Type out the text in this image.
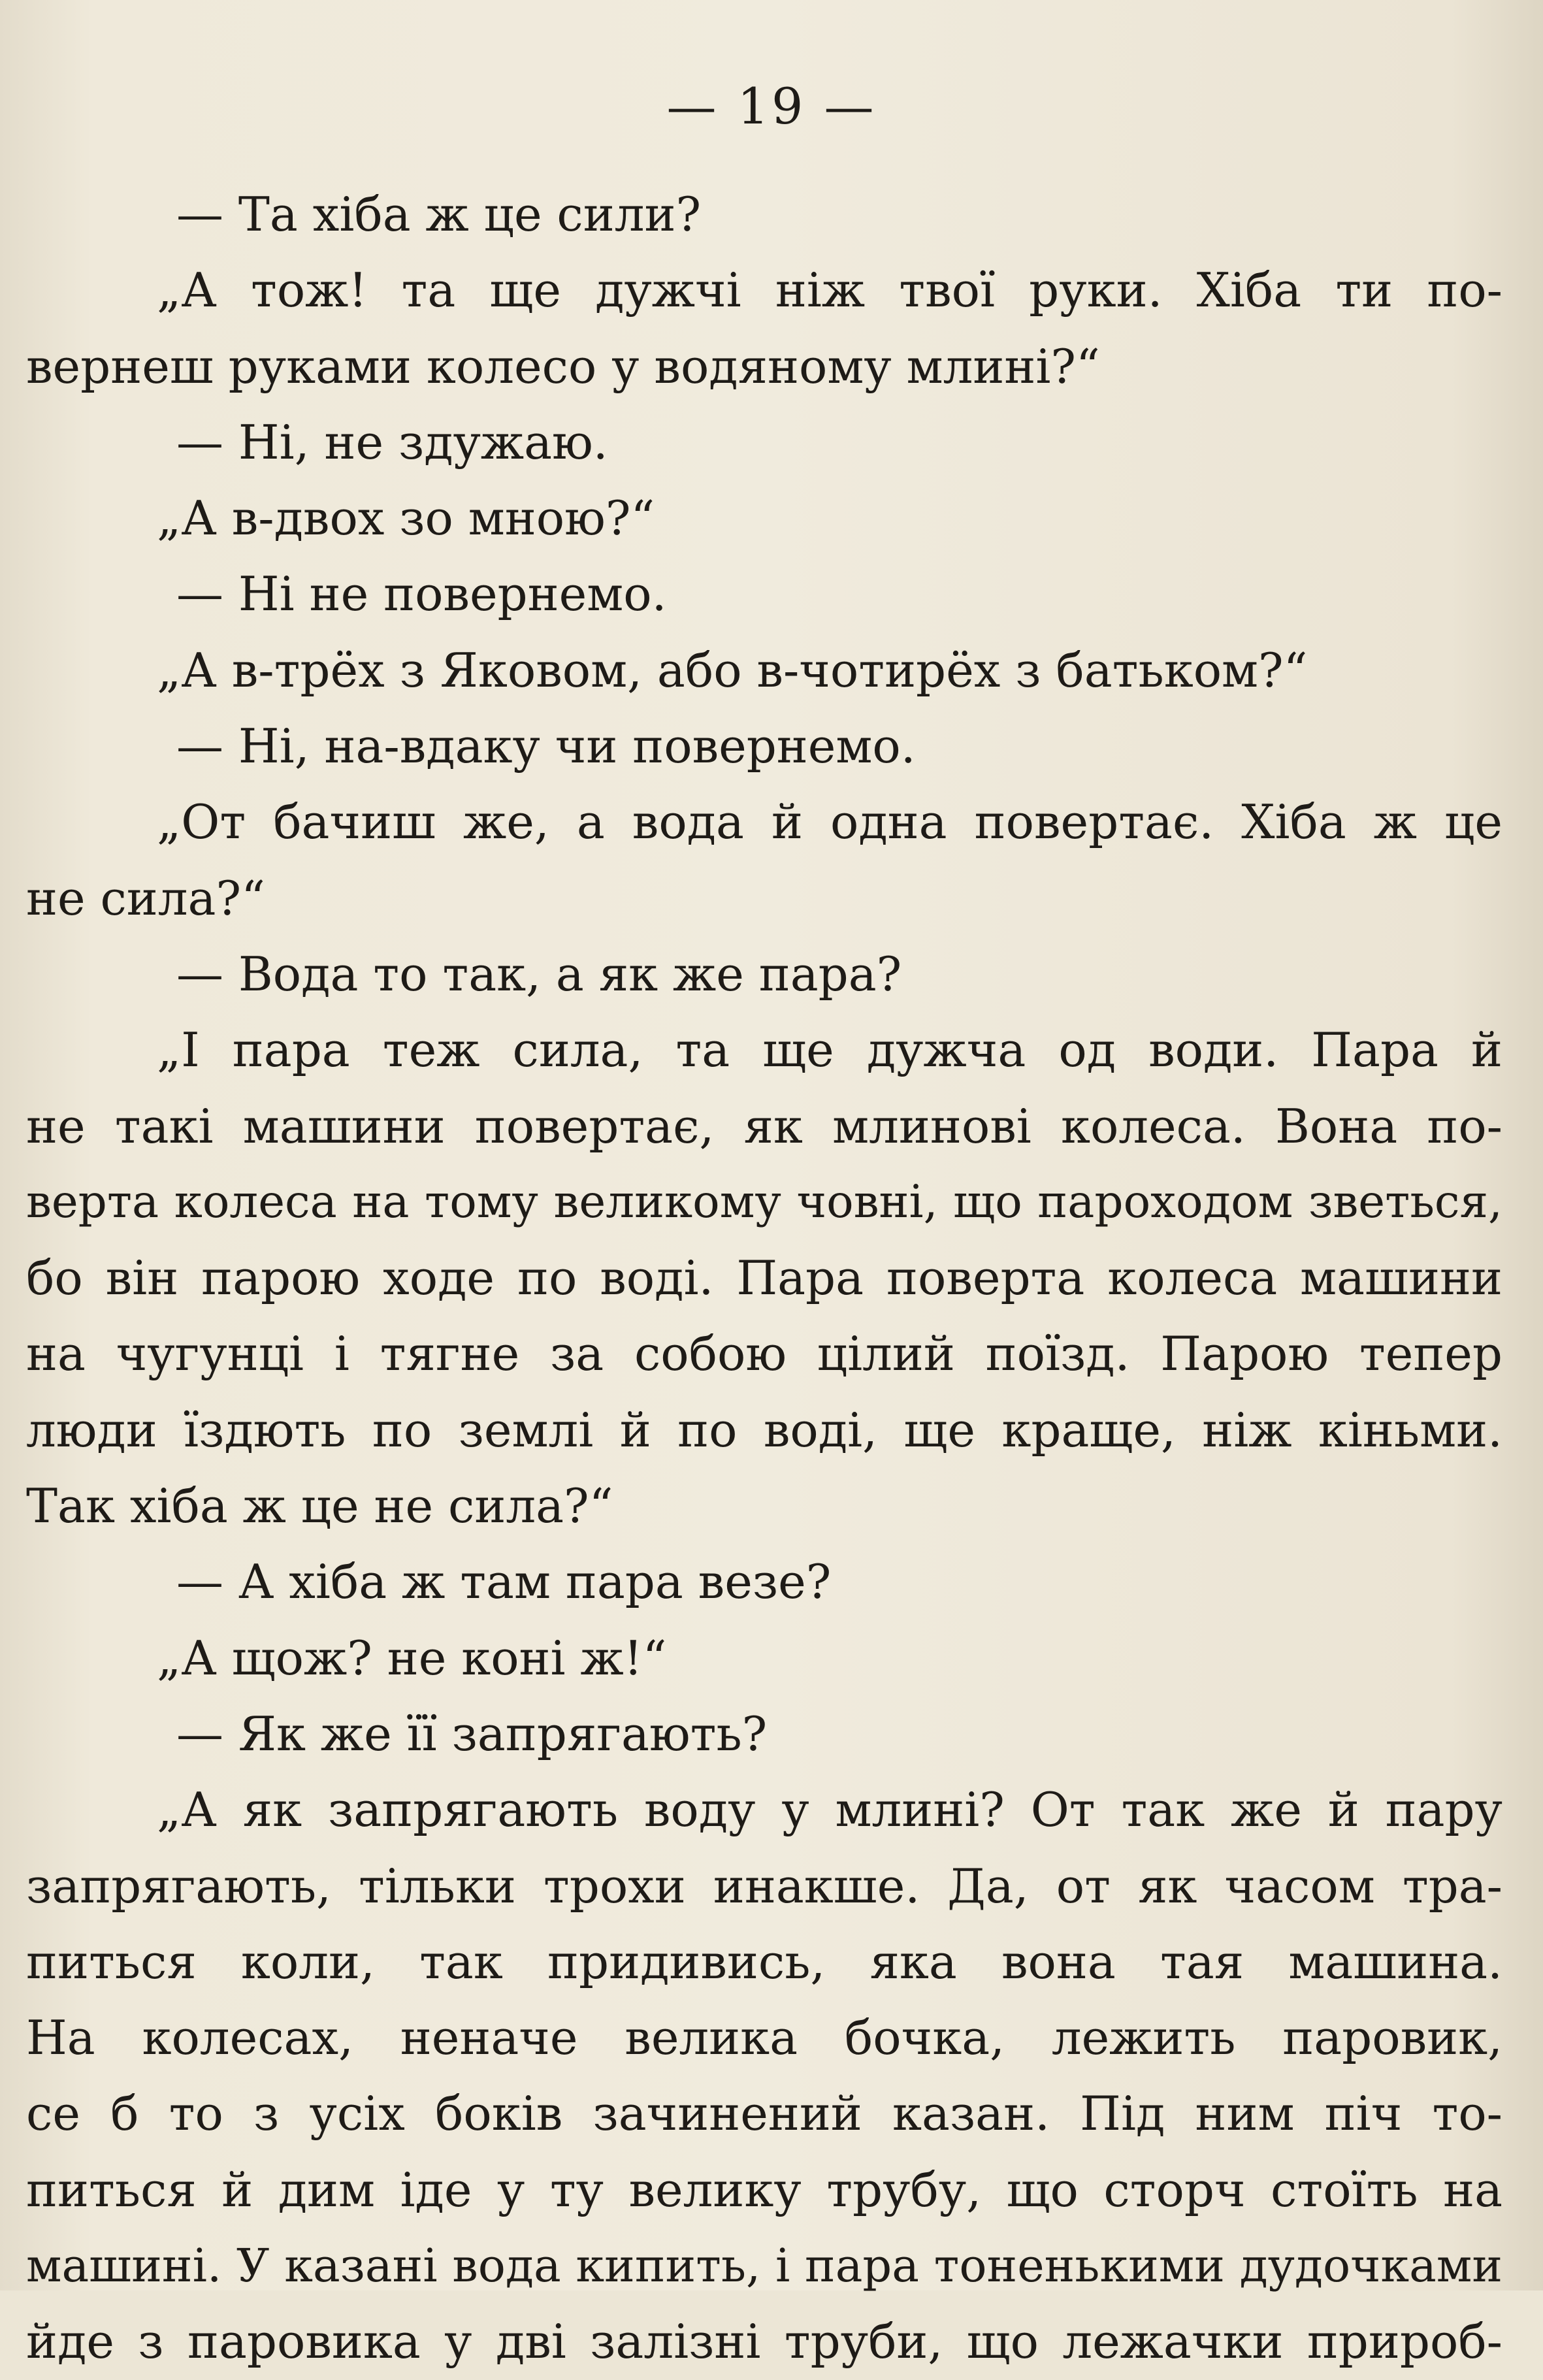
— 19 —
— Та хіба ж це сили?
„А тож! та ще дужчі ніж твої руки. Хіба ти по-
вернеш руками колесо у водяному млині?“
— Ні, не здужаю.
„А в-двох зо мною?“
— Ні не повернемо.
„А в-трёх з Яковом, або в-чотирёх з батьком?“
— Ні, на-вдаку чи повернемо.
„От бачиш же, а вода й одна повертає. Хіба ж це
не сила?“
— Вода то так, а як же пара?
„І пара теж сила, та ще дужча од води. Пара й
не такі машини повертає, як млинові колеса. Вона по-
верта колеса на тому великому човні, що пароходом зветься,
бо він парою ходе по воді. Пара поверта колеса машини
на чугунці і тягне за собою цілий поїзд. Парою тепер
люди їздють по землі й по воді, ще краще, ніж кіньми.
Так хіба ж це не сила?“
— А хіба ж там пара везе?
„А щож? не коні ж!“
— Як же її запрягають?
„А як запрягають воду у млині? От так же й пару
запрягають, тільки трохи инакше. Да, от як часом тра-
питься коли, так придивись, яка вона тая машина.
На колесах, неначе велика бочка, лежить паровик,
се б то з усіх боків зачинений казан. Під ним піч то-
питься й дим іде у ту велику трубу, що сторч стоїть на
машині. У казані вода кипить, і пара тоненькими дудочками
йде з паровика у дві залізні труби, що лежачки прироб-
